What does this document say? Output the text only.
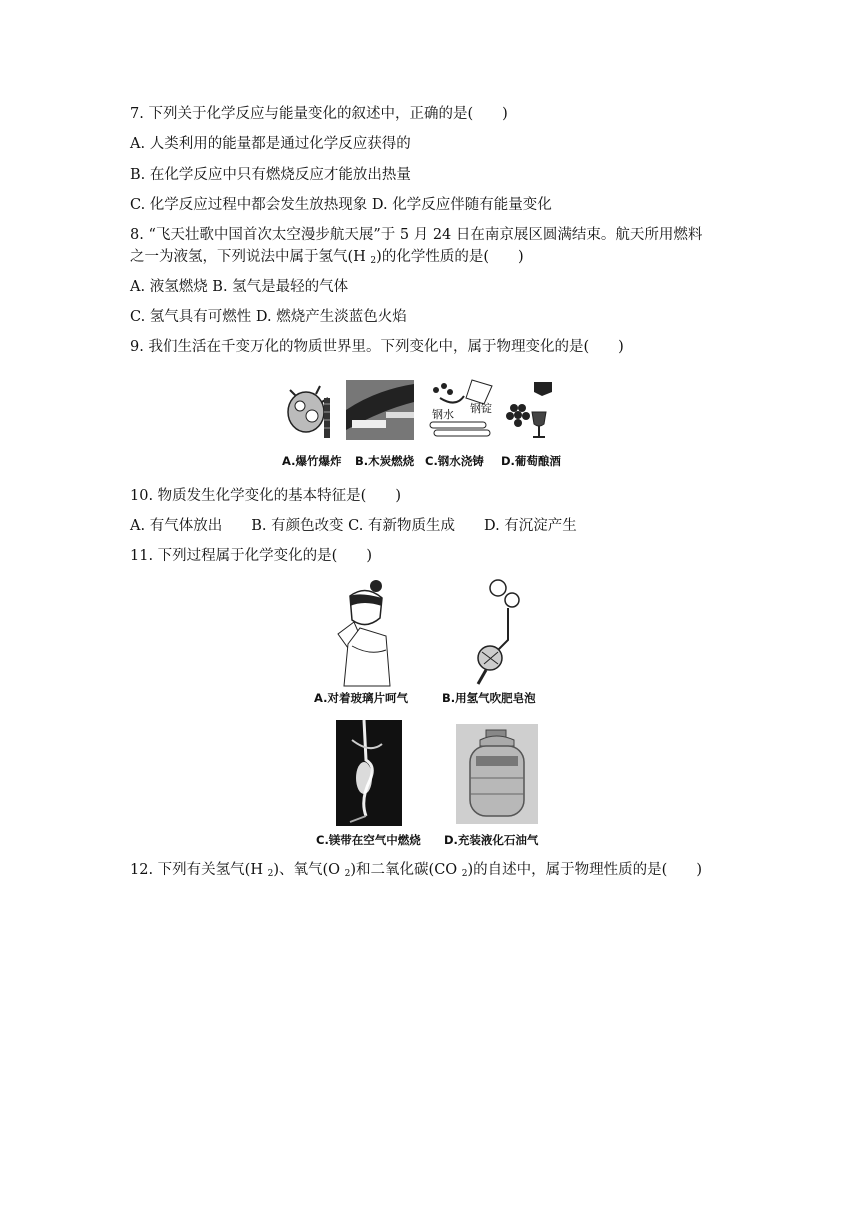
7. 下列关于化学反应与能量变化的叙述中，正确的是(　　)
A. 人类利用的能量都是通过化学反应获得的
B. 在化学反应中只有燃烧反应才能放出热量
C. 化学反应过程中都会发生放热现象 D. 化学反应伴随有能量变化
8. “飞天壮歌中国首次太空漫步航天展”于 5 月 24 日在南京展区圆满结束。航天所用燃料
之一为液氢，下列说法中属于氢气(H $_2$)的化学性质的是(　　)
A. 液氢燃烧 B. 氢气是最轻的气体
C. 氢气具有可燃性 D. 燃烧产生淡蓝色火焰
9. 我们生活在千变万化的物质世界里。下列变化中，属于物理变化的是(　　)
钢水 钢锭
A.爆竹爆炸 B.木炭燃烧 C.钢水浇铸 D.葡萄酿酒
10. 物质发生化学变化的基本特征是(　　)
A. 有气体放出　　B. 有颜色改变 C. 有新物质生成　　D. 有沉淀产生
11. 下列过程属于化学变化的是(　　)
A.对着玻璃片呵气	B.用氢气吹肥皂泡
C.镁带在空气中燃烧 D.充装液化石油气
12. 下列有关氢气(H $_2$)、氧气(O $_2$)和二氧化碳(CO $_2$)的自述中，属于物理性质的是(　　)
